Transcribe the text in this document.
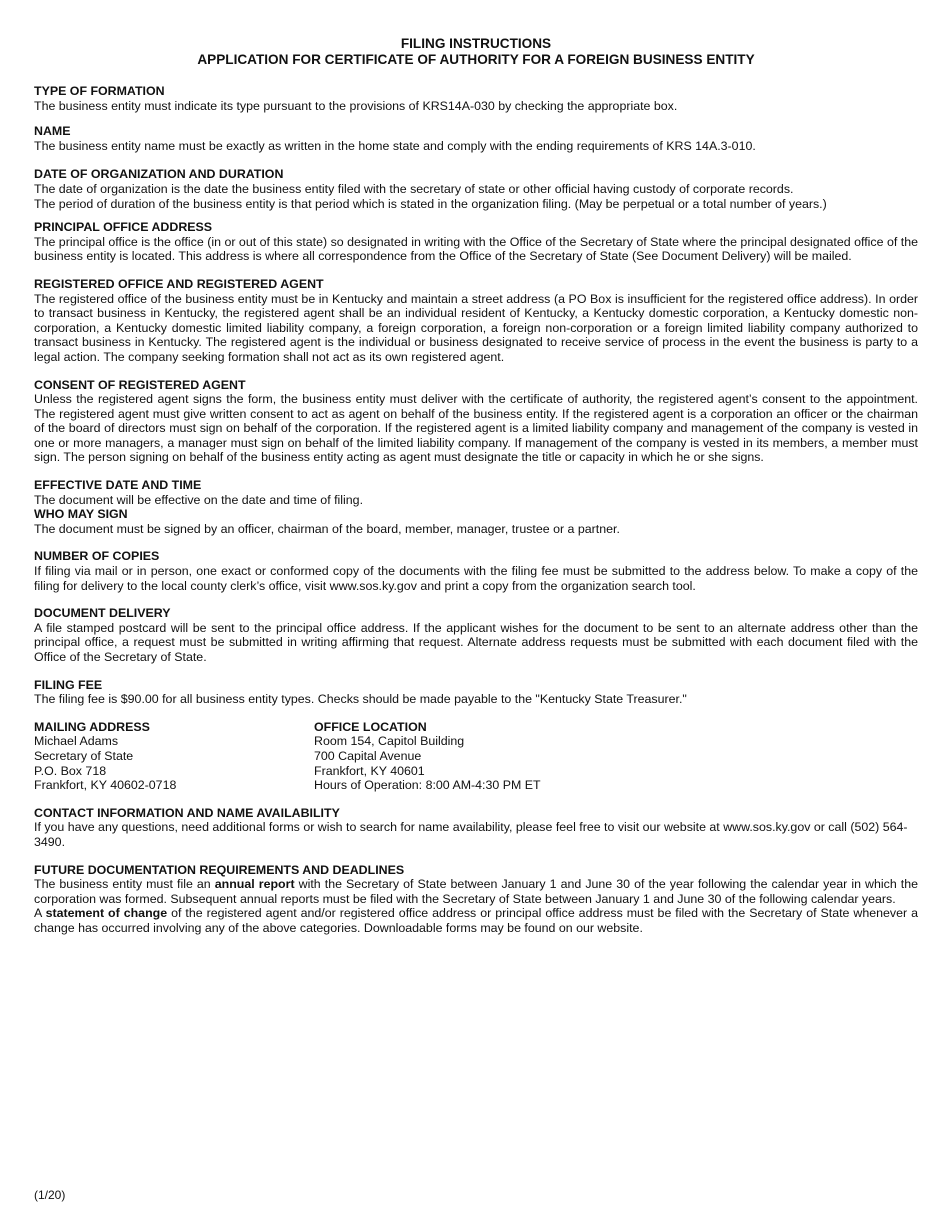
FILING INSTRUCTIONS
APPLICATION FOR CERTIFICATE OF AUTHORITY FOR A FOREIGN BUSINESS ENTITY
TYPE OF FORMATION
The business entity must indicate its type pursuant to the provisions of KRS14A-030 by checking the appropriate box.
NAME
The business entity name must be exactly as written in the home state and comply with the ending requirements of KRS 14A.3-010.
DATE OF ORGANIZATION AND DURATION
The date of organization is the date the business entity filed with the secretary of state or other official having custody of corporate records.
The period of duration of the business entity is that period which is stated in the organization filing. (May be perpetual or a total number of years.)
PRINCIPAL OFFICE ADDRESS
The principal office is the office (in or out of this state) so designated in writing with the Office of the Secretary of State where the principal designated office of the business entity is located. This address is where all correspondence from the Office of the Secretary of State (See Document Delivery) will be mailed.
REGISTERED OFFICE AND REGISTERED AGENT
The registered office of the business entity must be in Kentucky and maintain a street address (a PO Box is insufficient for the registered office address). In order to transact business in Kentucky, the registered agent shall be an individual resident of Kentucky, a Kentucky domestic corporation, a Kentucky domestic non-corporation, a Kentucky domestic limited liability company, a foreign corporation, a foreign non-corporation or a foreign limited liability company authorized to transact business in Kentucky. The registered agent is the individual or business designated to receive service of process in the event the business is party to a legal action. The company seeking formation shall not act as its own registered agent.
CONSENT OF REGISTERED AGENT
Unless the registered agent signs the form, the business entity must deliver with the certificate of authority, the registered agent’s consent to the appointment. The registered agent must give written consent to act as agent on behalf of the business entity. If the registered agent is a corporation an officer or the chairman of the board of directors must sign on behalf of the corporation. If the registered agent is a limited liability company and management of the company is vested in one or more managers, a manager must sign on behalf of the limited liability company. If management of the company is vested in its members, a member must sign. The person signing on behalf of the business entity acting as agent must designate the title or capacity in which he or she signs.
EFFECTIVE DATE AND TIME
The document will be effective on the date and time of filing.
WHO MAY SIGN
The document must be signed by an officer, chairman of the board, member, manager, trustee or a partner.
NUMBER OF COPIES
If filing via mail or in person, one exact or conformed copy of the documents with the filing fee must be submitted to the address below. To make a copy of the filing for delivery to the local county clerk’s office, visit www.sos.ky.gov and print a copy from the organization search tool.
DOCUMENT DELIVERY
A file stamped postcard will be sent to the principal office address. If the applicant wishes for the document to be sent to an alternate address other than the principal office, a request must be submitted in writing affirming that request. Alternate address requests must be submitted with each document filed with the Office of the Secretary of State.
FILING FEE
The filing fee is $90.00 for all business entity types. Checks should be made payable to the "Kentucky State Treasurer."
MAILING ADDRESS
Michael Adams
Secretary of State
P.O. Box 718
Frankfort, KY 40602-0718
OFFICE LOCATION
Room 154, Capitol Building
700 Capital Avenue
Frankfort, KY 40601
Hours of Operation: 8:00 AM-4:30 PM ET
CONTACT INFORMATION AND NAME AVAILABILITY
If you have any questions, need additional forms or wish to search for name availability, please feel free to visit our website at www.sos.ky.gov or call (502) 564-3490.
FUTURE DOCUMENTATION REQUIREMENTS AND DEADLINES
The business entity must file an annual report with the Secretary of State between January 1 and June 30 of the year following the calendar year in which the corporation was formed. Subsequent annual reports must be filed with the Secretary of State between January 1 and June 30 of the following calendar years.
A statement of change of the registered agent and/or registered office address or principal office address must be filed with the Secretary of State whenever a change has occurred involving any of the above categories. Downloadable forms may be found on our website.
(1/20)
